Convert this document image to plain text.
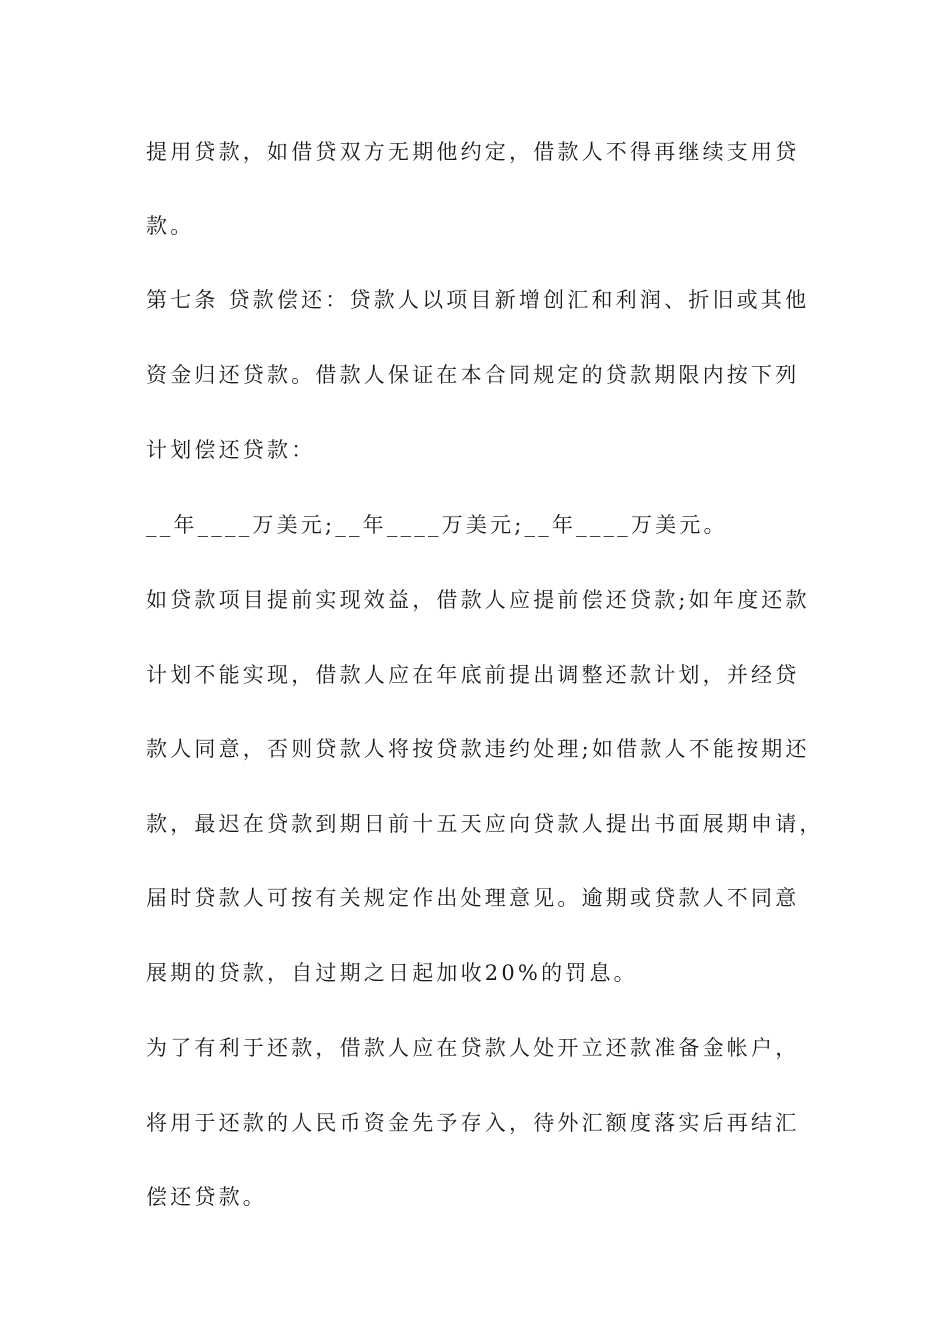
提用贷款，如借贷双方无期他约定，借款人不得再继续支用贷
款。
第七条 贷款偿还：贷款人以项目新增创汇和利润、折旧或其他
资金归还贷款。借款人保证在本合同规定的贷款期限内按下列
计划偿还贷款：
__年____万美元;__年____万美元;__年____万美元。
如贷款项目提前实现效益，借款人应提前偿还贷款;如年度还款
计划不能实现，借款人应在年底前提出调整还款计划，并经贷
款人同意，否则贷款人将按贷款违约处理;如借款人不能按期还
款，最迟在贷款到期日前十五天应向贷款人提出书面展期申请，
届时贷款人可按有关规定作出处理意见。逾期或贷款人不同意
展期的贷款，自过期之日起加收20%的罚息。
为了有利于还款，借款人应在贷款人处开立还款准备金帐户，
将用于还款的人民币资金先予存入，待外汇额度落实后再结汇
偿还贷款。
